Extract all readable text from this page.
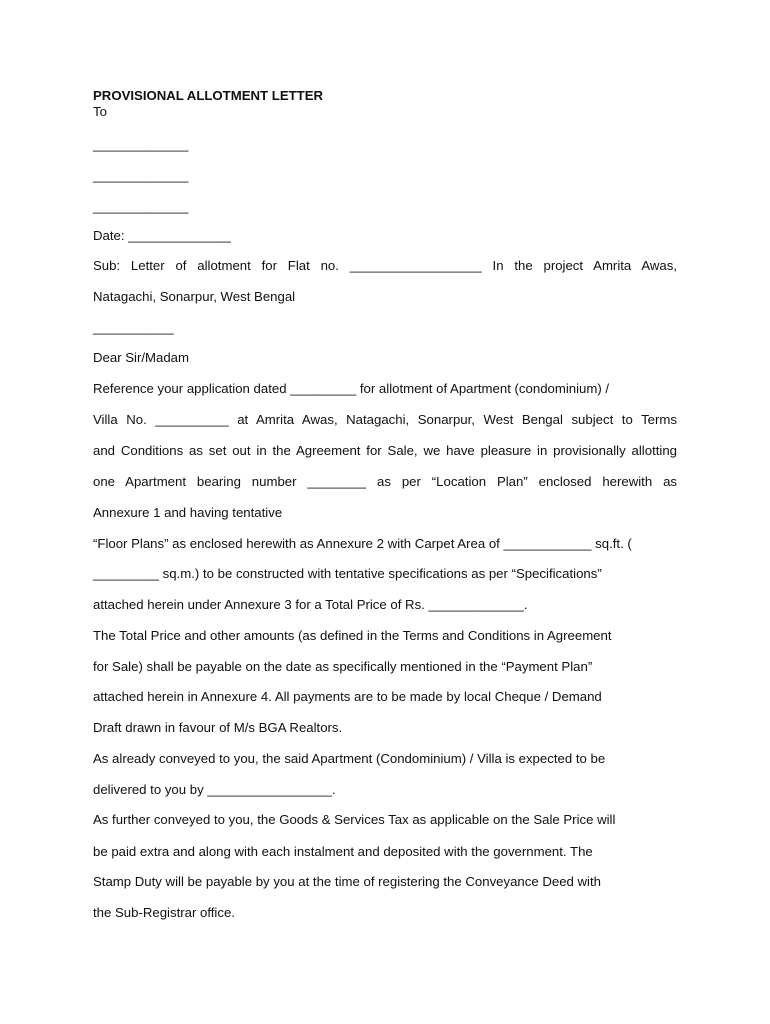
PROVISIONAL ALLOTMENT LETTER
To
_____________
_____________
_____________
Date: ______________
Sub: Letter of allotment for Flat no. __________________ In the project Amrita Awas,
Natagachi, Sonarpur, West Bengal
___________
Dear Sir/Madam
Reference your application dated _________ for allotment of Apartment (condominium) /
Villa No. __________ at Amrita Awas, Natagachi, Sonarpur, West Bengal subject to Terms
and Conditions as set out in the Agreement for Sale, we have pleasure in provisionally allotting
one Apartment bearing number ________ as per “Location Plan” enclosed herewith as
Annexure 1 and having tentative
“Floor Plans” as enclosed herewith as Annexure 2 with Carpet Area of ____________ sq.ft. (
_________ sq.m.) to be constructed with tentative specifications as per “Specifications”
attached herein under Annexure 3 for a Total Price of Rs. _____________.
The Total Price and other amounts (as defined in the Terms and Conditions in Agreement
for Sale) shall be payable on the date as specifically mentioned in the “Payment Plan”
attached herein in Annexure 4. All payments are to be made by local Cheque / Demand
Draft drawn in favour of M/s BGA Realtors.
As already conveyed to you, the said Apartment (Condominium) / Villa is expected to be
delivered to you by _________________.
As further conveyed to you, the Goods & Services Tax as applicable on the Sale Price will
be paid extra and along with each instalment and deposited with the government. The
Stamp Duty will be payable by you at the time of registering the Conveyance Deed with
the Sub-Registrar office.
